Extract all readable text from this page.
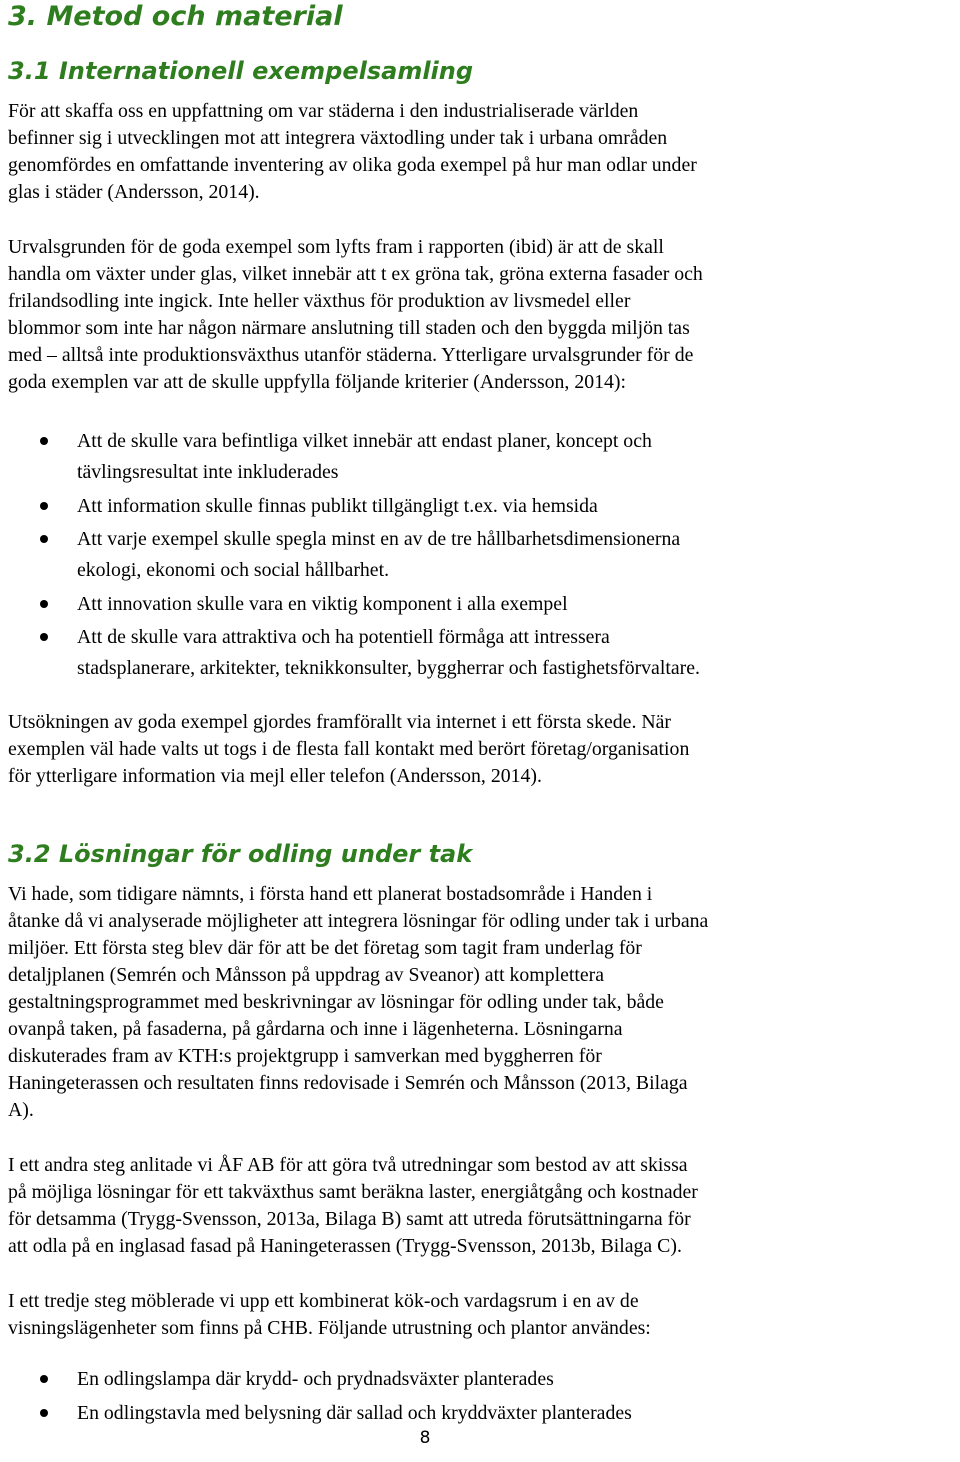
3. Metod och material
3.1 Internationell exempelsamling
För att skaffa oss en uppfattning om var städerna i den industrialiserade världen
befinner sig i utvecklingen mot att integrera växtodling under tak i urbana områden
genomfördes en omfattande inventering av olika goda exempel på hur man odlar under
glas i städer (Andersson, 2014).
Urvalsgrunden för de goda exempel som lyfts fram i rapporten (ibid) är att de skall
handla om växter under glas, vilket innebär att t ex gröna tak, gröna externa fasader och
frilandsodling inte ingick. Inte heller växthus för produktion av livsmedel eller
blommor som inte har någon närmare anslutning till staden och den byggda miljön tas
med – alltså inte produktionsväxthus utanför städerna. Ytterligare urvalsgrunder för de
goda exemplen var att de skulle uppfylla följande kriterier (Andersson, 2014):
Att de skulle vara befintliga vilket innebär att endast planer, koncept och
tävlingsresultat inte inkluderades
Att information skulle finnas publikt tillgängligt t.ex. via hemsida
Att varje exempel skulle spegla minst en av de tre hållbarhetsdimensionerna
ekologi, ekonomi och social hållbarhet.
Att innovation skulle vara en viktig komponent i alla exempel
Att de skulle vara attraktiva och ha potentiell förmåga att intressera
stadsplanerare, arkitekter, teknikkonsulter, byggherrar och fastighetsförvaltare.
Utsökningen av goda exempel gjordes framförallt via internet i ett första skede. När
exemplen väl hade valts ut togs i de flesta fall kontakt med berört företag/organisation
för ytterligare information via mejl eller telefon (Andersson, 2014).
3.2 Lösningar för odling under tak
Vi hade, som tidigare nämnts, i första hand ett planerat bostadsområde i Handen i
åtanke då vi analyserade möjligheter att integrera lösningar för odling under tak i urbana
miljöer. Ett första steg blev där för att be det företag som tagit fram underlag för
detaljplanen (Semrén och Månsson på uppdrag av Sveanor) att komplettera
gestaltningsprogrammet med beskrivningar av lösningar för odling under tak, både
ovanpå taken, på fasaderna, på gårdarna och inne i lägenheterna. Lösningarna
diskuterades fram av KTH:s projektgrupp i samverkan med byggherren för
Haningeterassen och resultaten finns redovisade i Semrén och Månsson (2013, Bilaga
A).
I ett andra steg anlitade vi ÅF AB för att göra två utredningar som bestod av att skissa
på möjliga lösningar för ett takväxthus samt beräkna laster, energiåtgång och kostnader
för detsamma (Trygg-Svensson, 2013a, Bilaga B) samt att utreda förutsättningarna för
att odla på en inglasad fasad på Haningeterassen (Trygg-Svensson, 2013b, Bilaga C).
I ett tredje steg möblerade vi upp ett kombinerat kök-och vardagsrum i en av de
visningslägenheter som finns på CHB. Följande utrustning och plantor användes:
En odlingslampa där krydd- och prydnadsväxter planterades
En odlingstavla med belysning där sallad och kryddväxter planterades
8
